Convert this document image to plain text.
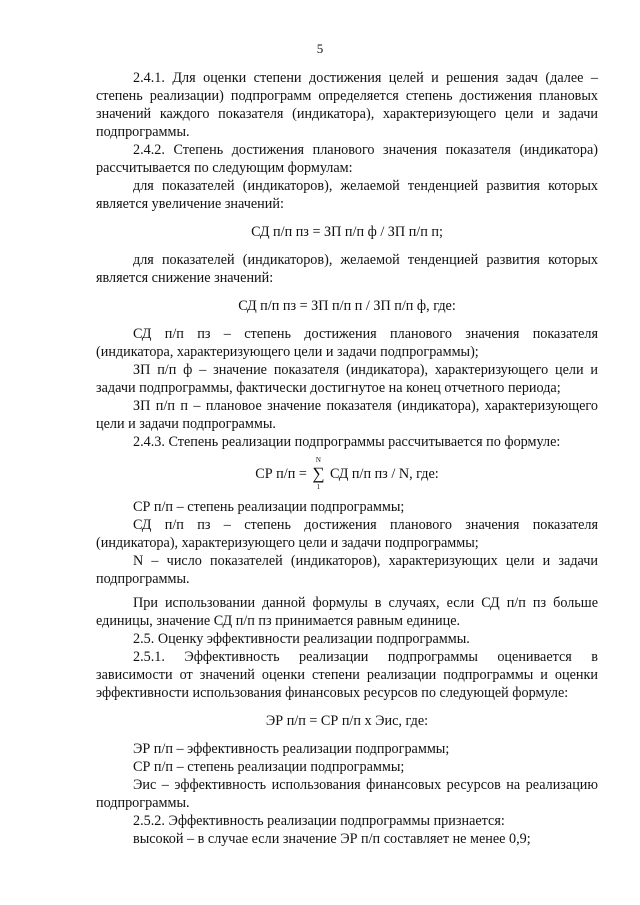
5

2.4.1. Для оценки степени достижения целей и решения задач (далее – степень реализации) подпрограмм определяется степень достижения плановых значений каждого показателя (индикатора), характеризующего цели и задачи подпрограммы.

2.4.2. Степень достижения планового значения показателя (индикатора) рассчитывается по следующим формулам:

для показателей (индикаторов), желаемой тенденцией развития которых является увеличение значений:

СД п/п пз = ЗП п/п ф / ЗП п/п п;

для показателей (индикаторов), желаемой тенденцией развития которых является снижение значений:

СД п/п пз = ЗП п/п п / ЗП п/п ф, где:

СД п/п пз – степень достижения планового значения показателя (индикатора, характеризующего цели и задачи подпрограммы);

ЗП п/п ф – значение показателя (индикатора), характеризующего цели и задачи подпрограммы, фактически достигнутое на конец отчетного периода;

ЗП п/п п – плановое значение показателя (индикатора), характеризующего цели и задачи подпрограммы.

2.4.3. Степень реализации подпрограммы рассчитывается по формуле:

СР п/п =
N
∑
1
СД п/п пз / N, где:

СР п/п – степень реализации подпрограммы;

СД п/п пз – степень достижения планового значения показателя (индикатора), характеризующего цели и задачи подпрограммы;

N – число показателей (индикаторов), характеризующих цели и задачи подпрограммы.

При использовании данной формулы в случаях, если СД п/п пз больше единицы, значение СД п/п пз принимается равным единице.

2.5. Оценку эффективности реализации подпрограммы.

2.5.1. Эффективность реализации подпрограммы оценивается в зависимости от значений оценки степени реализации подпрограммы и оценки эффективности использования финансовых ресурсов по следующей формуле:

ЭР п/п = СР п/п х Эис, где:

ЭР п/п – эффективность реализации подпрограммы;

СР п/п – степень реализации подпрограммы;

Эис – эффективность использования финансовых ресурсов на реализацию подпрограммы.

2.5.2. Эффективность реализации подпрограммы признается:

высокой – в случае если значение ЭР п/п составляет не менее 0,9;
